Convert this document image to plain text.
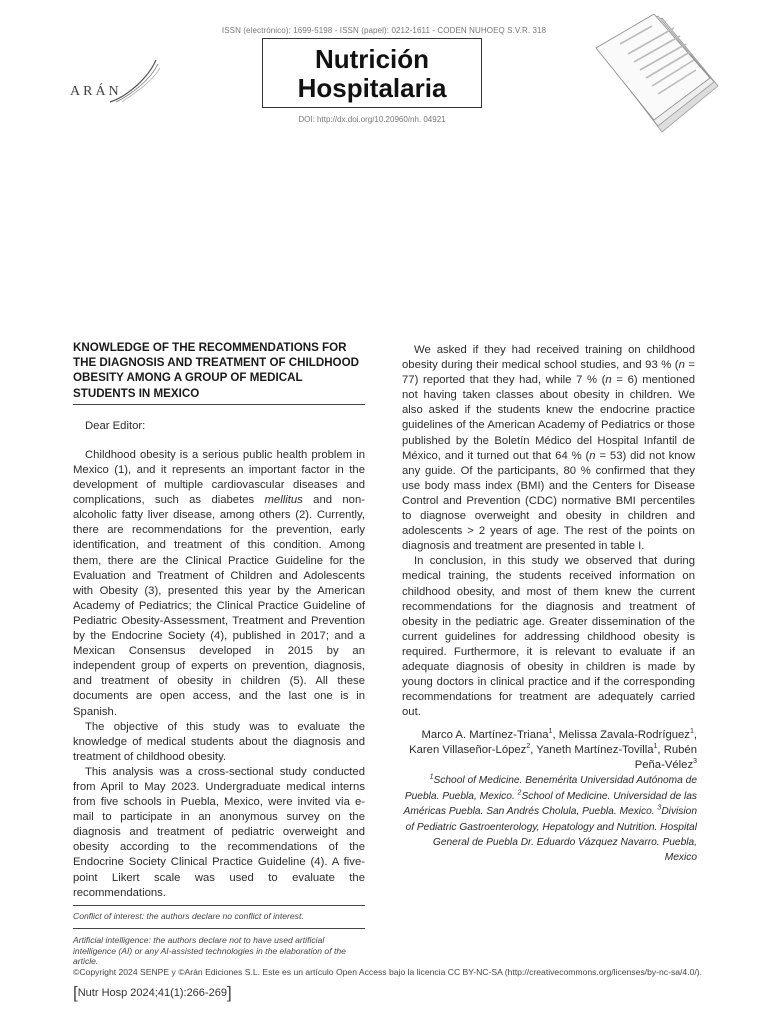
ISSN (electrónico): 1699-5198 - ISSN (papel): 0212-1611 - CODEN NUHOEQ S.V.R. 318
ARÁN
Nutrición
Hospitalaria
DOI: http://dx.doi.org/10.20960/nh. 04921
KNOWLEDGE OF THE RECOMMENDATIONS FOR THE DIAGNOSIS AND TREATMENT OF CHILDHOOD OBESITY AMONG A GROUP OF MEDICAL STUDENTS IN MEXICO
Dear Editor:

Childhood obesity is a serious public health problem in Mexico (1), and it represents an important factor in the development of multiple cardiovascular diseases and complications, such as diabetes mellitus and non-alcoholic fatty liver disease, among others (2). Currently, there are recommendations for the prevention, early identification, and treatment of this condition. Among them, there are the Clinical Practice Guideline for the Evaluation and Treatment of Children and Adolescents with Obesity (3), presented this year by the American Academy of Pediatrics; the Clinical Practice Guideline of Pediatric Obesity-Assessment, Treatment and Prevention by the Endocrine Society (4), published in 2017; and a Mexican Consensus developed in 2015 by an independent group of experts on prevention, diagnosis, and treatment of obesity in children (5). All these documents are open access, and the last one is in Spanish.

The objective of this study was to evaluate the knowledge of medical students about the diagnosis and treatment of childhood obesity.

This analysis was a cross-sectional study conducted from April to May 2023. Undergraduate medical interns from five schools in Puebla, Mexico, were invited via e-mail to participate in an anonymous survey on the diagnosis and treatment of pediatric overweight and obesity according to the recommendations of the Endocrine Society Clinical Practice Guideline (4). A five-point Likert scale was used to evaluate the recommendations.

We asked if they had received training on childhood obesity during their medical school studies, and 93 % (n = 77) reported that they had, while 7 % (n = 6) mentioned not having taken classes about obesity in children. We also asked if the students knew the endocrine practice guidelines of the American Academy of Pediatrics or those published by the Boletín Médico del Hospital Infantil de México, and it turned out that 64 % (n = 53) did not know any guide. Of the participants, 80 % confirmed that they use body mass index (BMI) and the Centers for Disease Control and Prevention (CDC) normative BMI percentiles to diagnose overweight and obesity in children and adolescents > 2 years of age. The rest of the points on diagnosis and treatment are presented in table I.

In conclusion, in this study we observed that during medical training, the students received information on childhood obesity, and most of them knew the current recommendations for the diagnosis and treatment of obesity in the pediatric age. Greater dissemination of the current guidelines for addressing childhood obesity is required. Furthermore, it is relevant to evaluate if an adequate diagnosis of obesity in children is made by young doctors in clinical practice and if the corresponding recommendations for treatment are adequately carried out.

Marco A. Martínez-Triana$^1$, Melissa Zavala-Rodríguez$^1$, Karen Villaseñor-López$^2$, Yaneth Martínez-Tovilla$^1$, Rubén Peña-Vélez$^3$
$^1$School of Medicine. Benemérita Universidad Autónoma de Puebla. Puebla, Mexico. $^2$School of Medicine. Universidad de las Américas Puebla. San Andrés Cholula, Puebla. Mexico. $^3$Division of Pediatric Gastroenterology, Hepatology and Nutrition. Hospital General de Puebla Dr. Eduardo Vázquez Navarro. Puebla, Mexico
Conflict of interest: the authors declare no conflict of interest.
Artificial intelligence: the authors declare not to have used artificial intelligence (AI) or any AI-assisted technologies in the elaboration of the article.
©Copyright 2024 SENPE y ©Arán Ediciones S.L. Este es un artículo Open Access bajo la licencia CC BY-NC-SA (http://creativecommons.org/licenses/by-nc-sa/4.0/).
[Nutr Hosp 2024;41(1):266-269]
